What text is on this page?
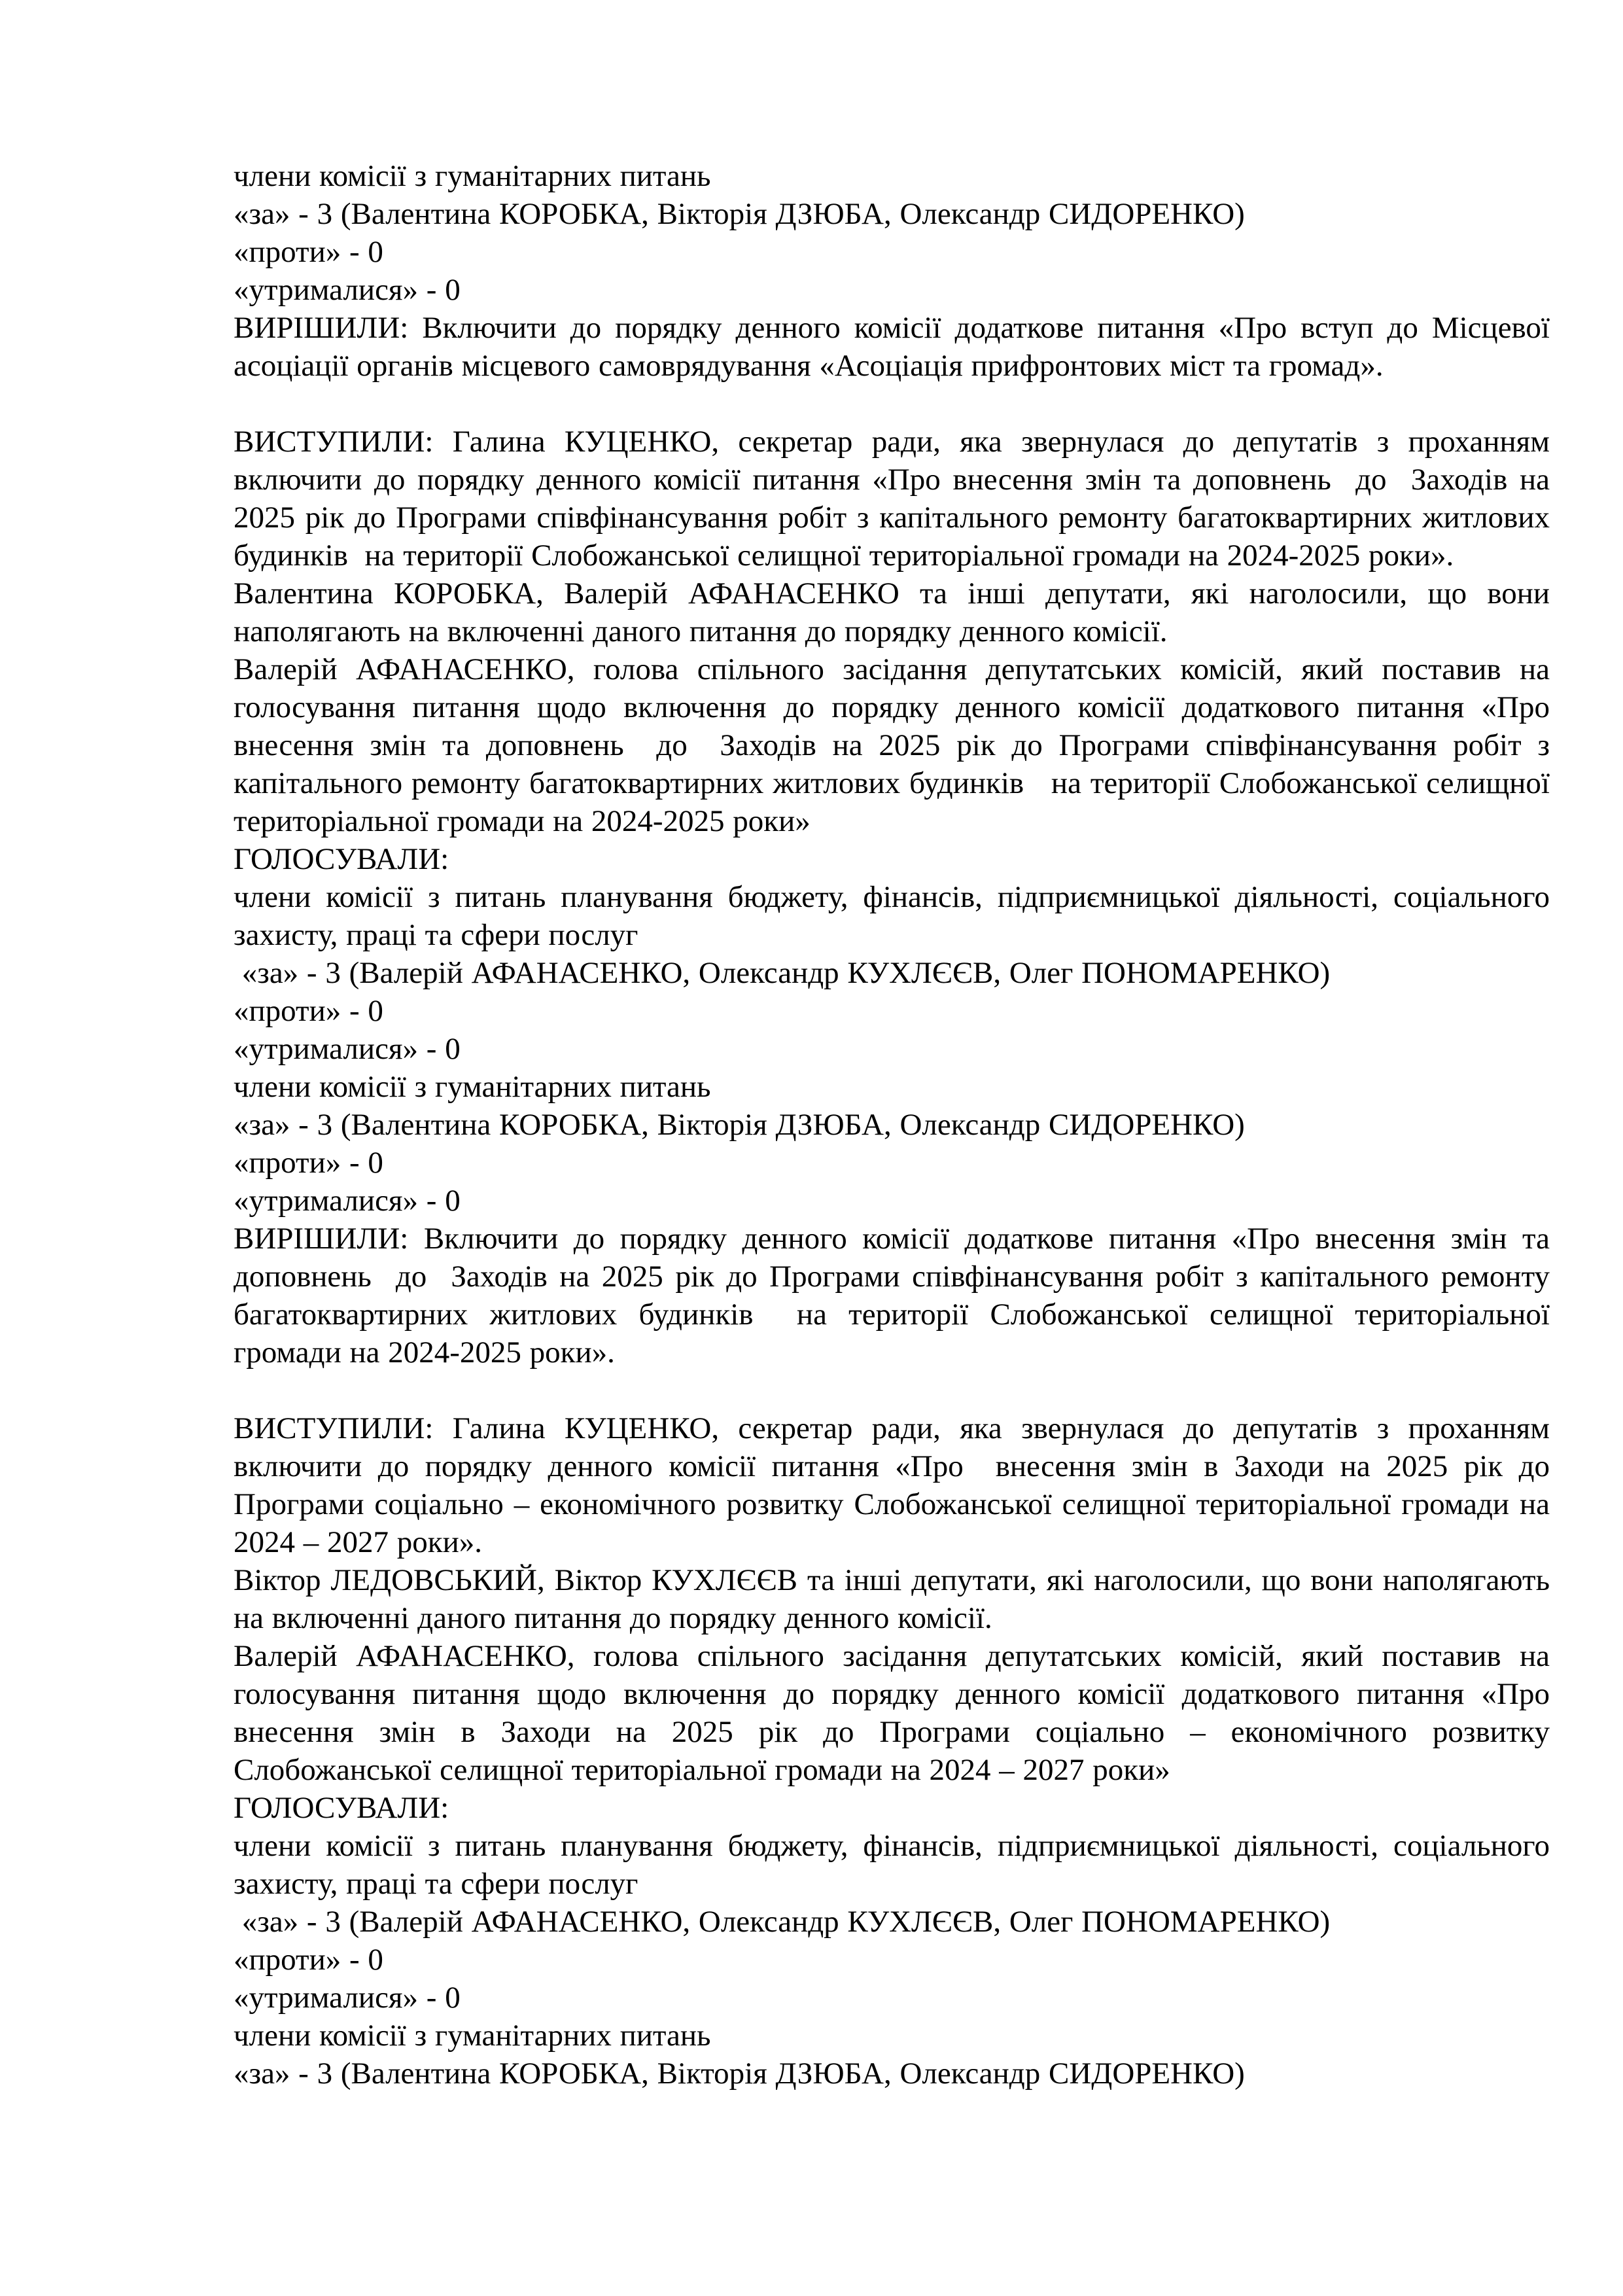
члени комісії з гуманітарних питань

«за» - 3 (Валентина КОРОБКА, Вікторія ДЗЮБА, Олександр СИДОРЕНКО)

«проти» - 0

«утрималися» - 0

ВИРІШИЛИ: Включити до порядку денного комісії додаткове питання «Про вступ до Місцевої асоціації органів місцевого самоврядування «Асоціація прифронтових міст та громад».

ВИСТУПИЛИ: Галина КУЦЕНКО, секретар ради, яка звернулася до депутатів з проханням включити до порядку денного комісії питання «Про внесення змін та доповнень  до  Заходів на 2025 рік до Програми співфінансування робіт з капітального ремонту багатоквартирних житлових будинків  на території Слобожанської селищної територіальної громади на 2024-2025 роки».

Валентина КОРОБКА, Валерій АФАНАСЕНКО та інші депутати, які наголосили, що вони наполягають на включенні даного питання до порядку денного комісії.

Валерій АФАНАСЕНКО, голова спільного засідання депутатських комісій, який поставив на голосування питання щодо включення до порядку денного комісії додаткового питання «Про внесення змін та доповнень  до  Заходів на 2025 рік до Програми співфінансування робіт з капітального ремонту багатоквартирних житлових будинків   на території Слобожанської селищної територіальної громади на 2024-2025 роки»

ГОЛОСУВАЛИ:

члени комісії з питань планування бюджету, фінансів, підприємницької діяльності, соціального захисту, праці та сфери послуг

«за» - 3 (Валерій АФАНАСЕНКО, Олександр КУХЛЄЄВ, Олег ПОНОМАРЕНКО)

«проти» - 0

«утрималися» - 0

члени комісії з гуманітарних питань

«за» - 3 (Валентина КОРОБКА, Вікторія ДЗЮБА, Олександр СИДОРЕНКО)

«проти» - 0

«утрималися» - 0

ВИРІШИЛИ: Включити до порядку денного комісії додаткове питання «Про внесення змін та доповнень  до  Заходів на 2025 рік до Програми співфінансування робіт з капітального ремонту багатоквартирних житлових будинків  на території Слобожанської селищної територіальної громади на 2024-2025 роки».

ВИСТУПИЛИ: Галина КУЦЕНКО, секретар ради, яка звернулася до депутатів з проханням включити до порядку денного комісії питання «Про  внесення змін в Заходи на 2025 рік до Програми соціально – економічного розвитку Слобожанської селищної територіальної громади на 2024 – 2027 роки».

Віктор ЛЕДОВСЬКИЙ, Віктор КУХЛЄЄВ та інші депутати, які наголосили, що вони наполягають на включенні даного питання до порядку денного комісії.

Валерій АФАНАСЕНКО, голова спільного засідання депутатських комісій, який поставив на голосування питання щодо включення до порядку денного комісії додаткового питання «Про внесення змін в Заходи на 2025 рік до Програми соціально – економічного розвитку Слобожанської селищної територіальної громади на 2024 – 2027 роки»

ГОЛОСУВАЛИ:

члени комісії з питань планування бюджету, фінансів, підприємницької діяльності, соціального захисту, праці та сфери послуг

«за» - 3 (Валерій АФАНАСЕНКО, Олександр КУХЛЄЄВ, Олег ПОНОМАРЕНКО)

«проти» - 0

«утрималися» - 0

члени комісії з гуманітарних питань

«за» - 3 (Валентина КОРОБКА, Вікторія ДЗЮБА, Олександр СИДОРЕНКО)
